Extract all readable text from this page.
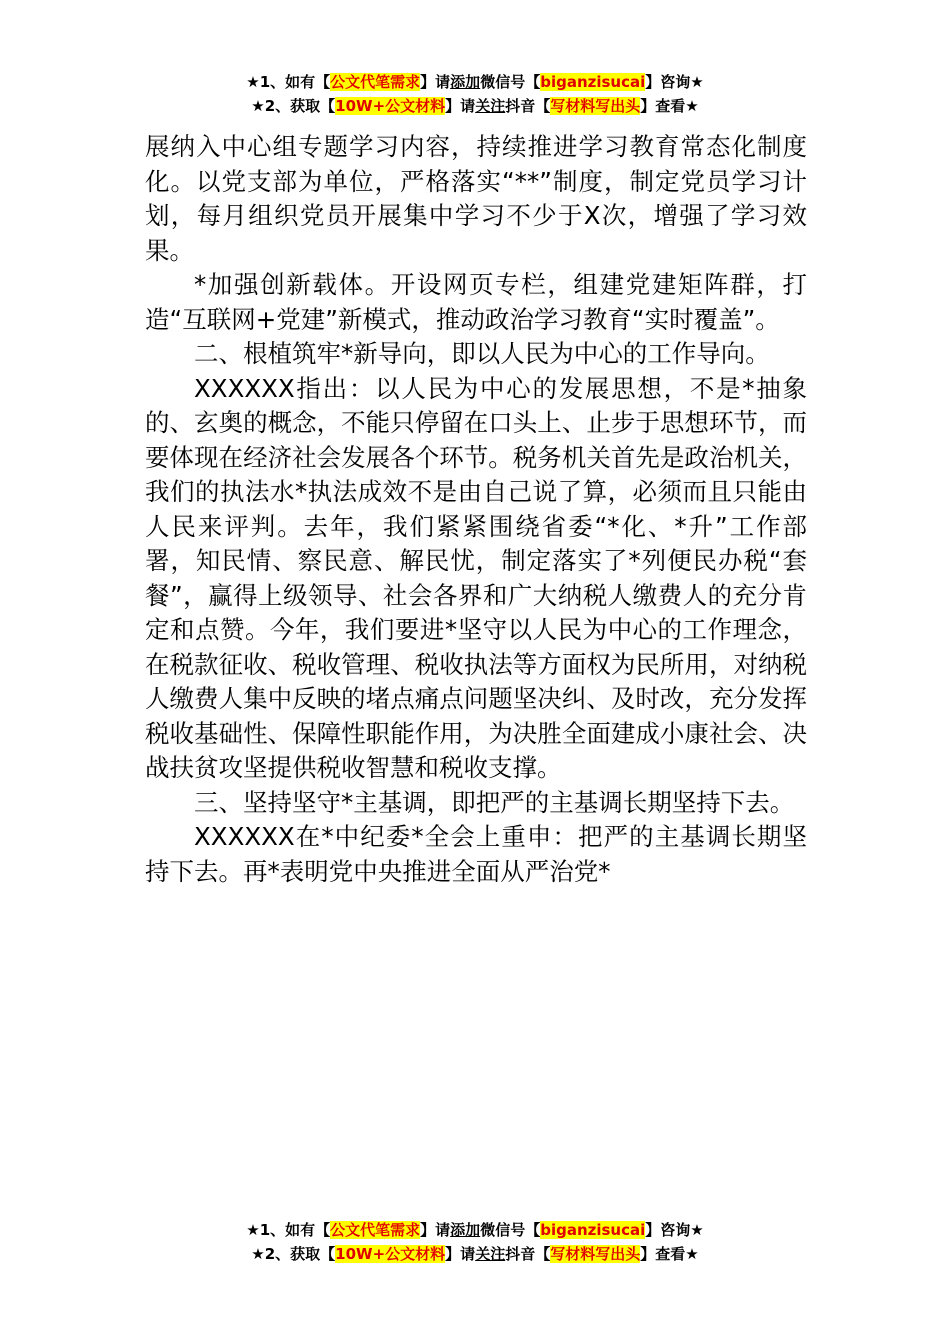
★1、如有【公文代笔需求】请添加微信号【biganzisucai】咨询★
★2、获取【10W+公文材料】请关注抖音【写材料写出头】查看★

展纳入中心组专题学习内容，持续推进学习教育常态化制度化。以党支部为单位，严格落实“**”制度，制定党员学习计划，每月组织党员开展集中学习不少于X次，增强了学习效果。

*加强创新载体。开设网页专栏，组建党建矩阵群，打造“互联网+党建”新模式，推动政治学习教育“实时覆盖”。

二、根植筑牢*新导向，即以人民为中心的工作导向。

XXXXXX指出：以人民为中心的发展思想，不是*抽象的、玄奥的概念，不能只停留在口头上、止步于思想环节，而要体现在经济社会发展各个环节。税务机关首先是政治机关，我们的执法水*执法成效不是由自己说了算，必须而且只能由人民来评判。去年，我们紧紧围绕省委“*化、*升”工作部署，知民情、察民意、解民忧，制定落实了*列便民办税“套餐”，赢得上级领导、社会各界和广大纳税人缴费人的充分肯定和点赞。今年，我们要进*坚守以人民为中心的工作理念，在税款征收、税收管理、税收执法等方面权为民所用，对纳税人缴费人集中反映的堵点痛点问题坚决纠、及时改，充分发挥税收基础性、保障性职能作用，为决胜全面建成小康社会、决战扶贫攻坚提供税收智慧和税收支撑。

三、坚持坚守*主基调，即把严的主基调长期坚持下去。

XXXXXX在*中纪委*全会上重申：把严的主基调长期坚持下去。再*表明党中央推进全面从严治党*

★1、如有【公文代笔需求】请添加微信号【biganzisucai】咨询★
★2、获取【10W+公文材料】请关注抖音【写材料写出头】查看★
